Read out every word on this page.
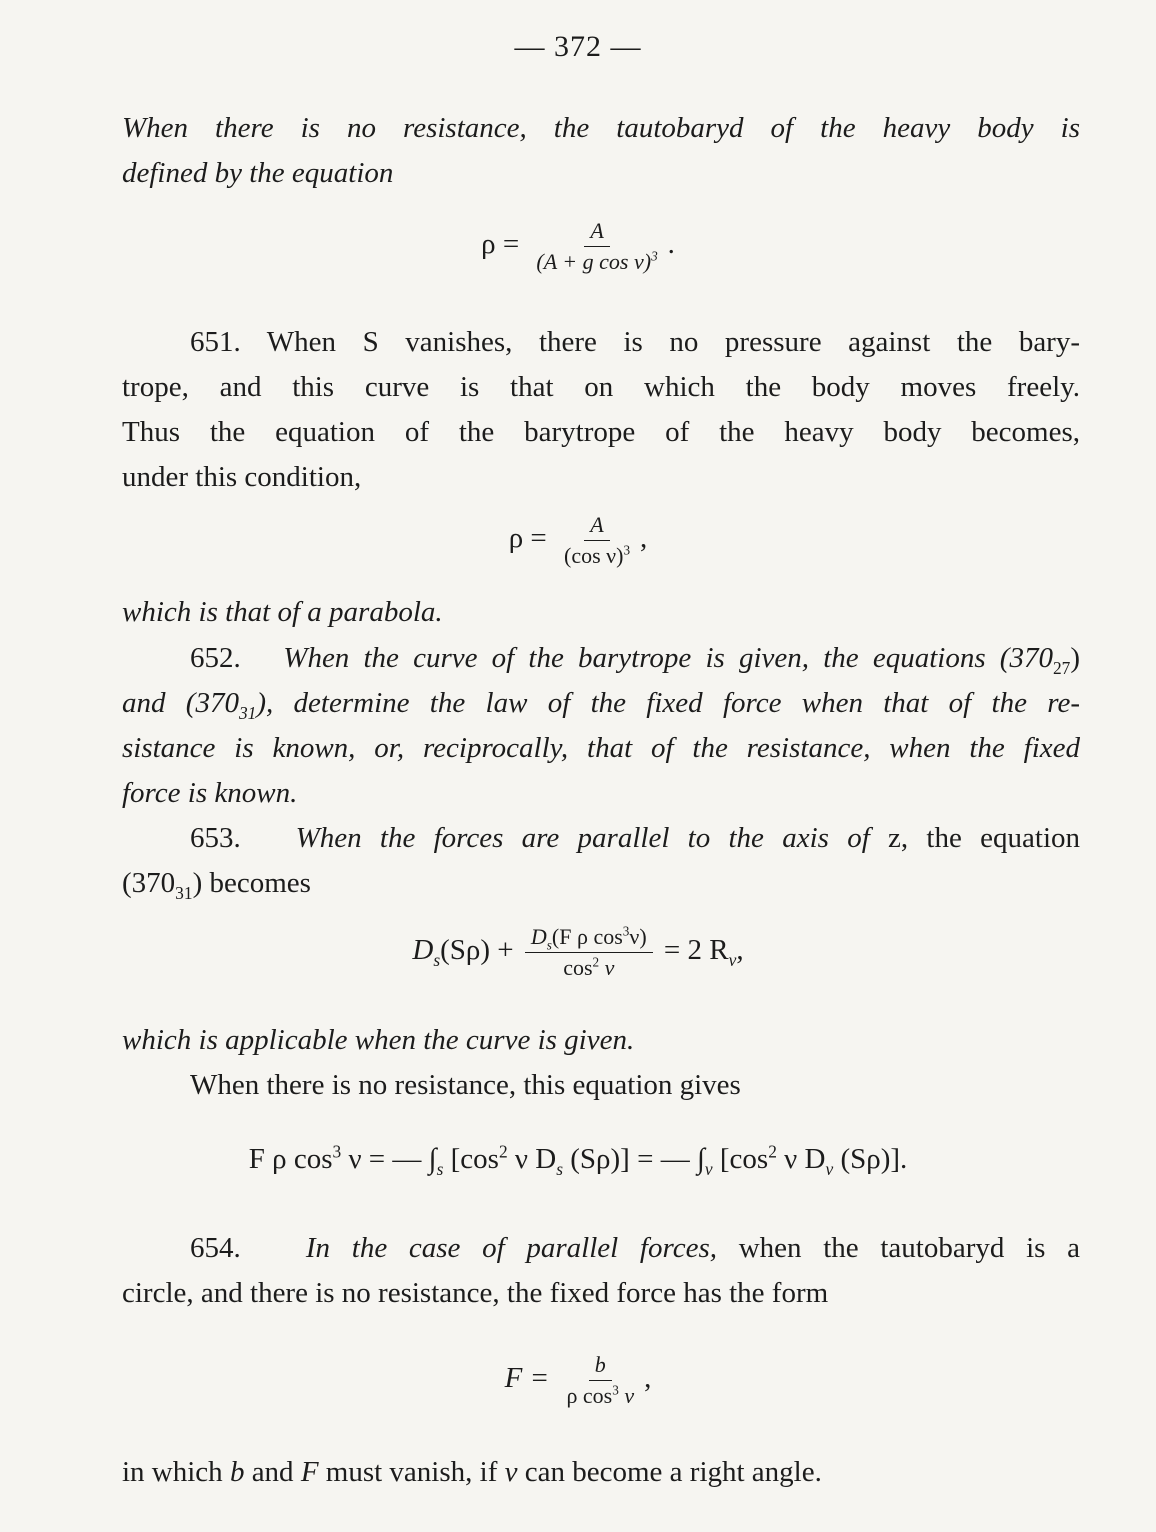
— 372 —
When there is no resistance, the tautobaryd of the heavy body is
defined by the equation
$\rho = \frac{A}{(A + g \cos \nu)^3}$ .
651. When S vanishes, there is no pressure against the bary-
trope, and this curve is that on which the body moves freely.
Thus the equation of the barytrope of the heavy body becomes,
under this condition,
$\rho = \frac{A}{(\cos \nu)^3}$ ,
which is that of a parabola.
652. When the curve of the barytrope is given, the equations $(370_{27})$
and $(370_{31})$, determine the law of the fixed force when that of the re-
sistance is known, or, reciprocally, that of the resistance, when the fixed
force is known.
653. When the forces are parallel to the axis of z, the equation
$(370_{31})$ becomes
$D_s(S\rho) + \frac{D_s(F \rho \cos^3\nu)}{\cos^2 \nu} = 2$ $R_\nu$,
which is applicable when the curve is given.
When there is no resistance, this equation gives
F ρ $\cos^3 \nu$ = — $\int_s$ [$\cos^2$ ν $D_s$ (Sρ)] = — $\int_\nu$ [$\cos^2$ ν $D_\nu$ (Sρ)].
654. In the case of parallel forces, when the tautobaryd is a
circle, and there is no resistance, the fixed force has the form
$F = \frac{b}{\rho \cos^3 \nu}$ ,
in which b and F must vanish, if ν can become a right angle.
